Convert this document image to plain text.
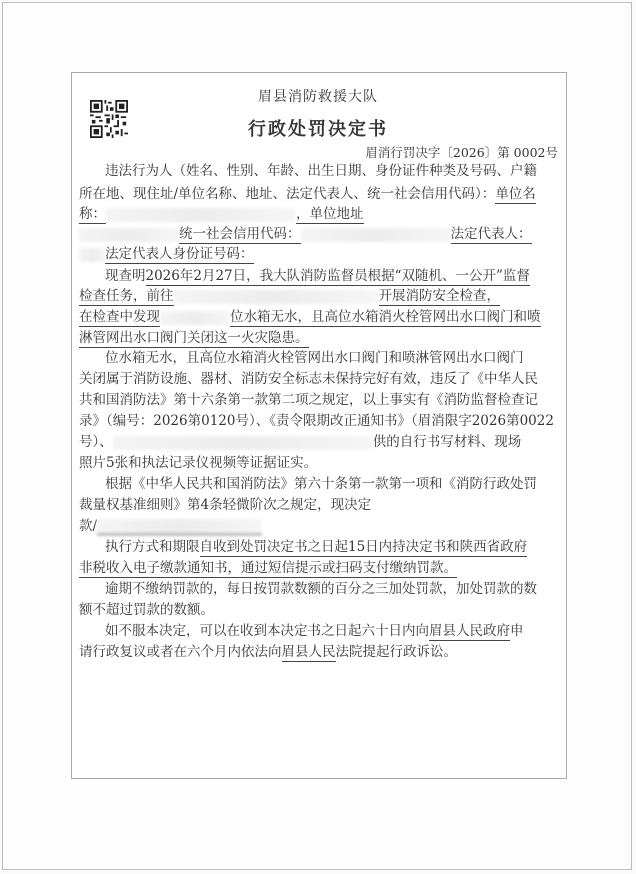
眉县消防救援大队
行政处罚决定书
眉消行罚决字〔2026〕第 0002号
违法行为人（姓名、性别、年龄、出生日期、身份证件种类及号码、户籍
所在地、现住址/单位名称、地址、法定代表人、统一社会信用代码）：单位名
称：	，单位地址
统一社会信用代码：	法定代表人：
法定代表人身份证号码：
现查明2026年2月27日，我大队消防监督员根据“双随机、一公开”监督
检查任务，前往	开展消防安全检查，
在检查中发现	位水箱无水，且高位水箱消火栓管网出水口阀门和喷
淋管网出水口阀门关闭这一火灾隐患。
位水箱无水，且高位水箱消火栓管网出水口阀门和喷淋管网出水口阀门
关闭属于消防设施、器材、消防安全标志未保持完好有效，违反了《中华人民
共和国消防法》第十六条第一款第二项之规定，以上事实有《消防监督检查记
录》（编号：2026第0120号）、《责令限期改正通知书》（眉消限字2026第0022
号）、	供的自行书写材料、现场
照片5张和执法记录仪视频等证据证实。
根据《中华人民共和国消防法》第六十条第一款第一项和《消防行政处罚
裁量权基准细则》第4条轻微阶次之规定，现决定
款/
执行方式和期限自收到处罚决定书之日起15日内持决定书和陕西省政府
非税收入电子缴款通知书，通过短信提示或扫码支付缴纳罚款。
逾期不缴纳罚款的，每日按罚款数额的百分之三加处罚款，加处罚款的数
额不超过罚款的数额。
如不服本决定，可以在收到本决定书之日起六十日内向眉县人民政府申
请行政复议或者在六个月内依法向眉县人民法院提起行政诉讼。
